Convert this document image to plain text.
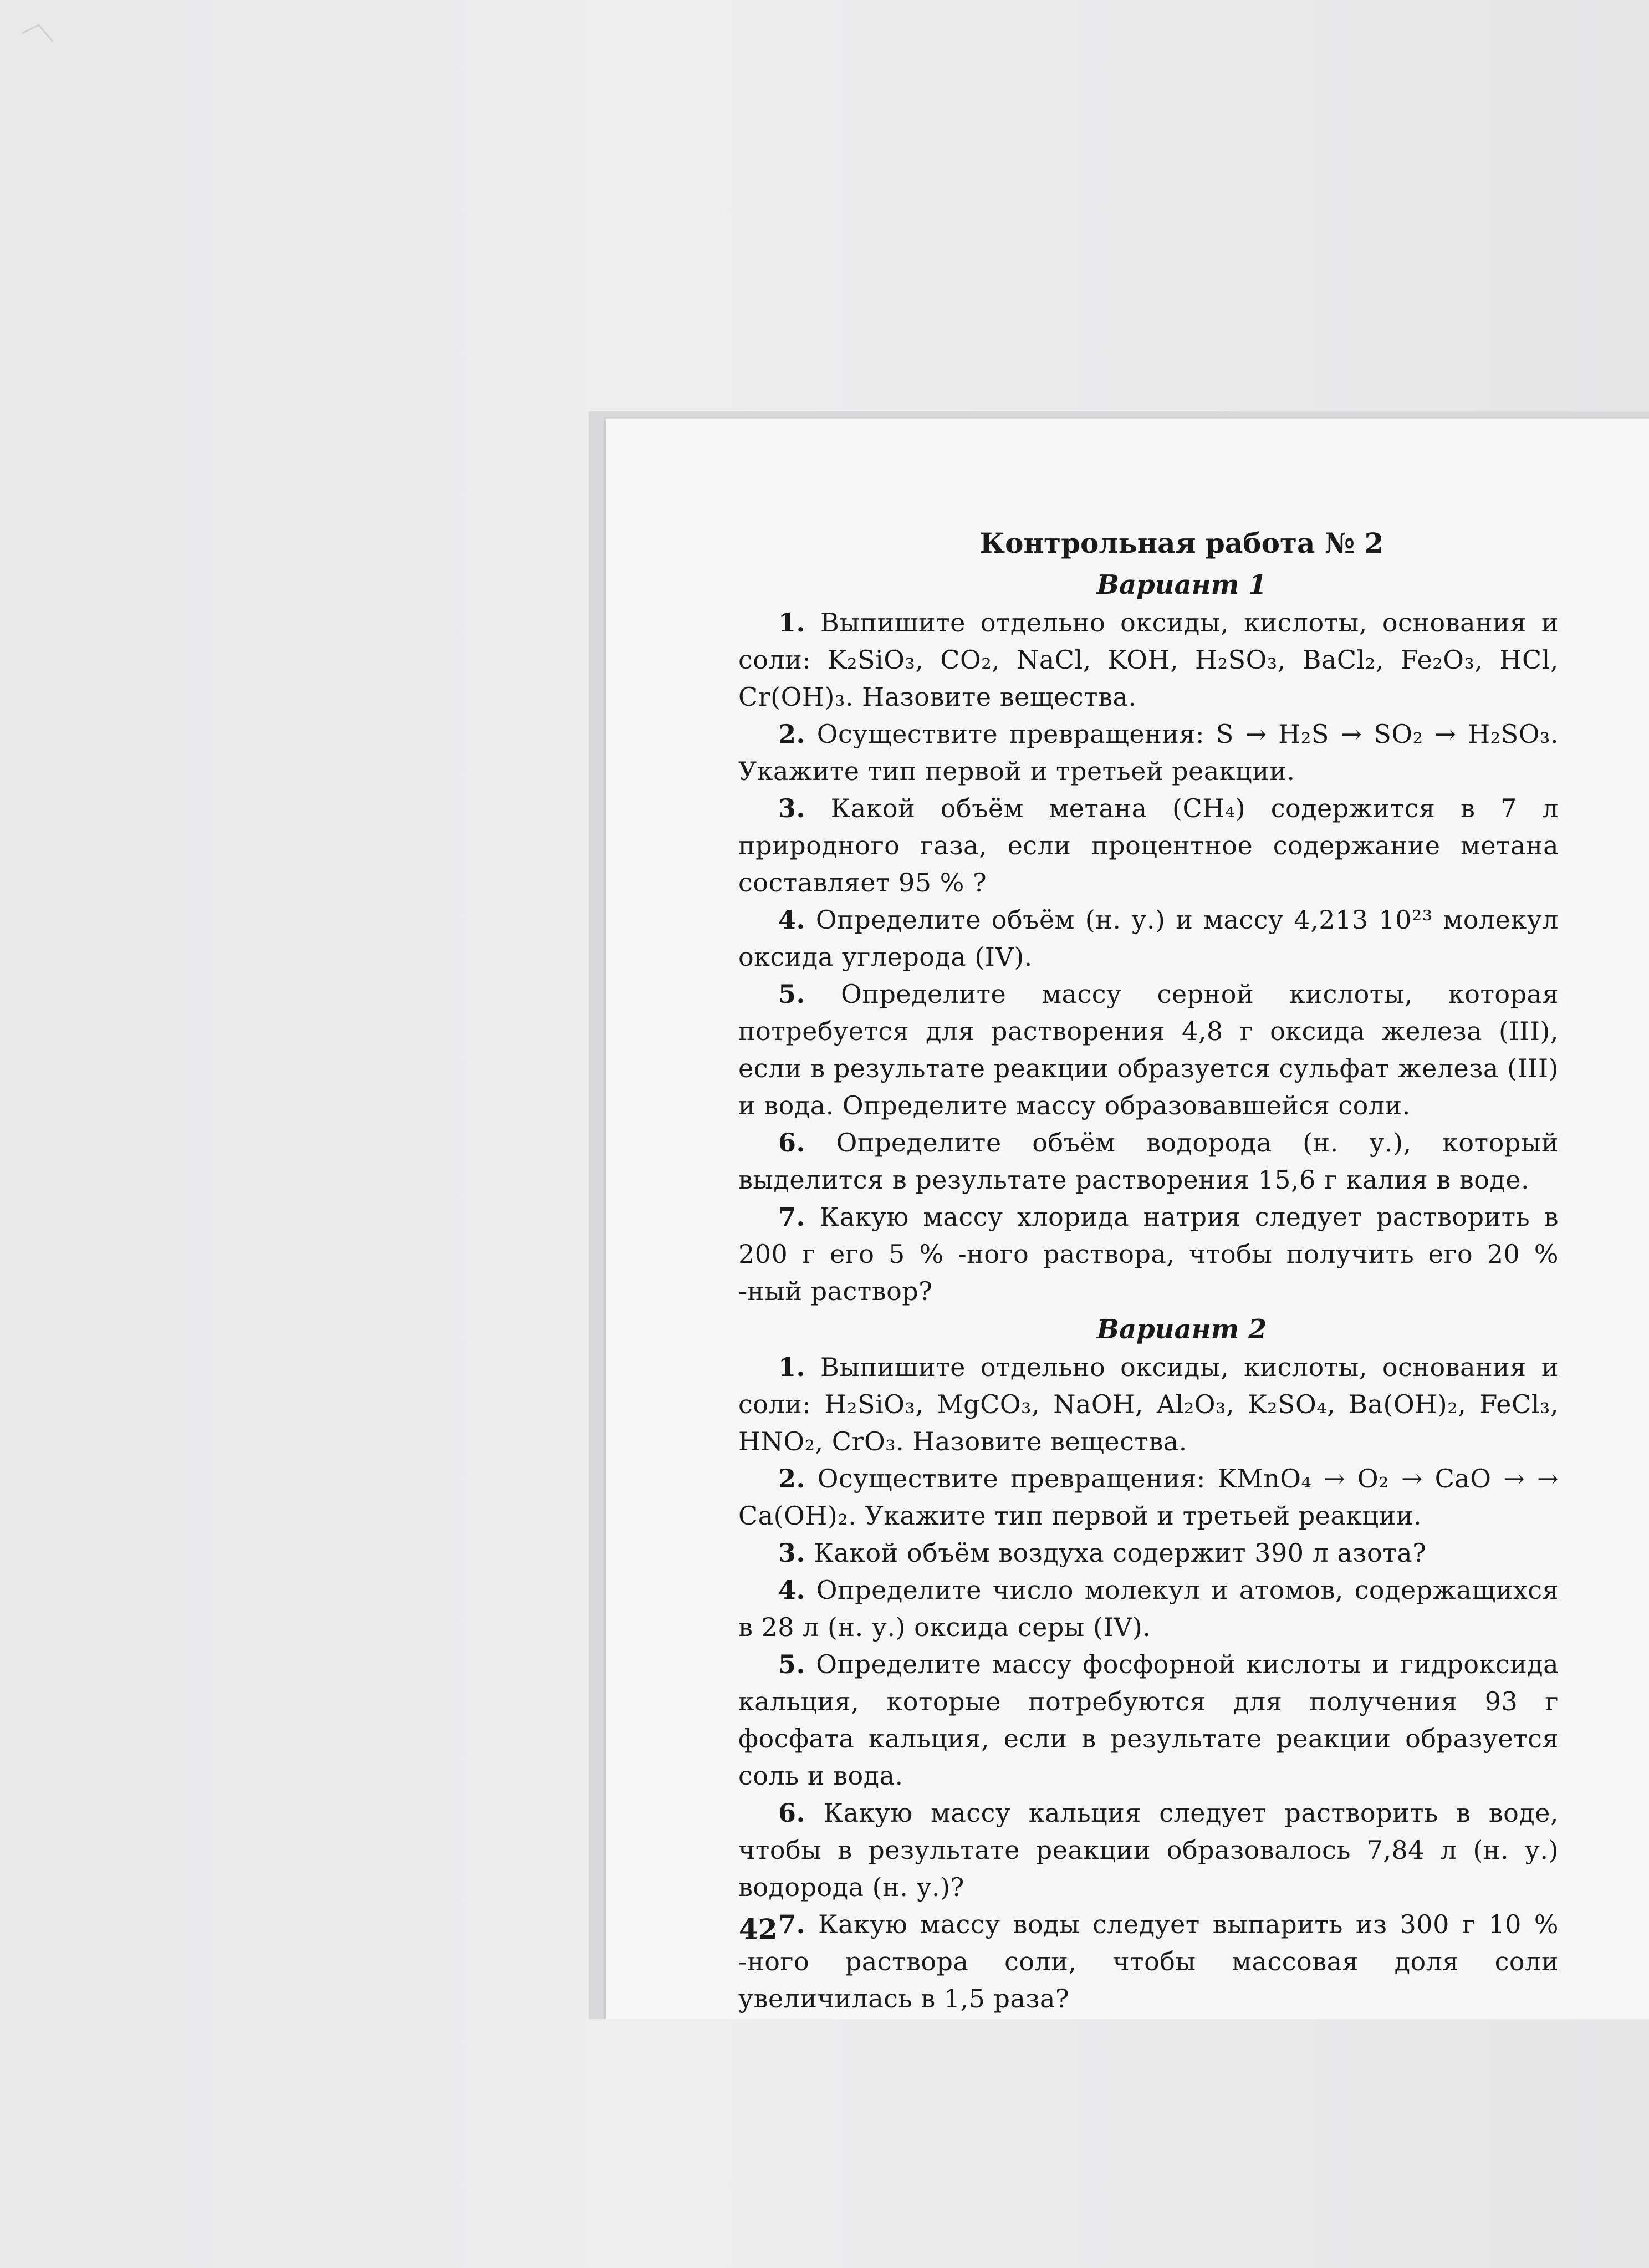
Контрольная работа № 2
Вариант 1

1. Выпишите отдельно оксиды, кислоты, основания и соли: K₂SiO₃, CO₂, NaCl, KOH, H₂SO₃, BaCl₂, Fe₂O₃, HCl, Cr(OH)₃. Назовите вещества.

2. Осуществите превращения: S → H₂S → SO₂ → H₂SO₃. Укажите тип первой и третьей реакции.

3. Какой объём метана (CH₄) содержится в 7 л природного газа, если процентное содержание метана составляет 95 % ?

4. Определите объём (н. у.) и массу 4,213 10²³ молекул оксида углерода (IV).

5. Определите массу серной кислоты, которая потребуется для растворения 4,8 г оксида железа (III), если в результате реакции образуется сульфат железа (III) и вода. Определите массу образовавшейся соли.

6. Определите объём водорода (н. у.), который выделится в результате растворения 15,6 г калия в воде.

7. Какую массу хлорида натрия следует растворить в 200 г его 5 % -ного раствора, чтобы получить его 20 % -ный раствор?

Вариант 2

1. Выпишите отдельно оксиды, кислоты, основания и соли: H₂SiO₃, MgCO₃, NaOH, Al₂O₃, K₂SO₄, Ba(OH)₂, FeCl₃, HNO₂, CrO₃. Назовите вещества.

2. Осуществите превращения: KMnO₄ → O₂ → CaO → → Ca(OH)₂. Укажите тип первой и третьей реакции.

3. Какой объём воздуха содержит 390 л азота?

4. Определите число молекул и атомов, содержащихся в 28 л (н. у.) оксида серы (IV).

5. Определите массу фосфорной кислоты и гидроксида кальция, которые потребуются для получения 93 г фосфата кальция, если в результате реакции образуется соль и вода.

6. Какую массу кальция следует растворить в воде, чтобы в результате реакции образовалось 7,84 л (н. у.) водорода (н. у.)?

7. Какую массу воды следует выпарить из 300 г 10 % -ного раствора соли, чтобы массовая доля соли увеличилась в 1,5 раза?

42
